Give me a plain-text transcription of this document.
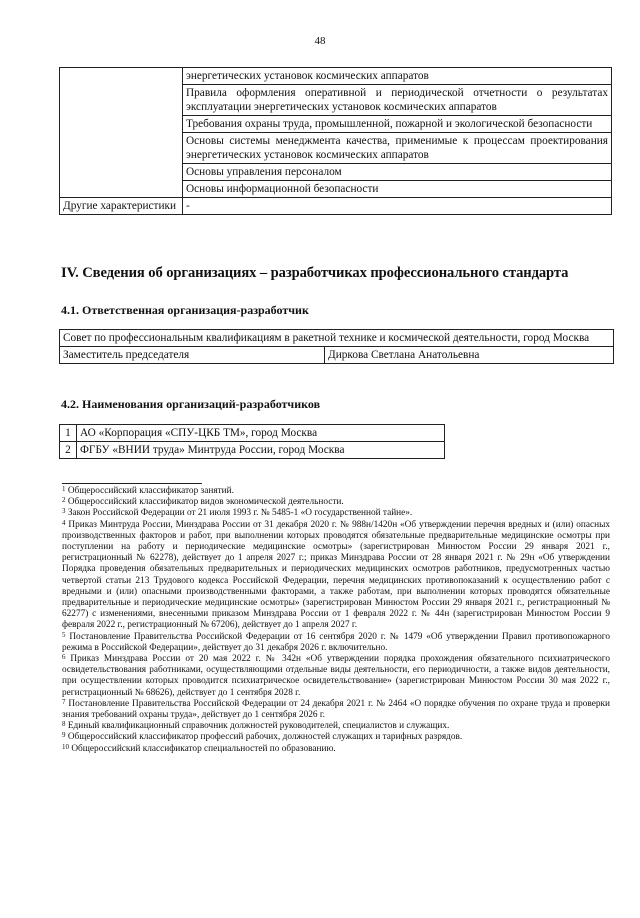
48
	энергетических установок космических аппаратов
	Правила оформления оперативной и периодической отчетности о результатах эксплуатации энергетических установок космических аппаратов
	Требования охраны труда, промышленной, пожарной и экологической безопасности
	Основы системы менеджмента качества, применимые к процессам проектирования энергетических установок космических аппаратов
	Основы управления персоналом
	Основы информационной безопасности
Другие характеристики	-
IV. Сведения об организациях – разработчиках профессионального стандарта
4.1. Ответственная организация-разработчик
Совет по профессиональным квалификациям в ракетной технике и космической деятельности, город Москва
Заместитель председателя	Диркова Светлана Анатольевна
4.2. Наименования организаций-разработчиков
1	АО «Корпорация «СПУ-ЦКБ ТМ», город Москва
2	ФГБУ «ВНИИ труда» Минтруда России, город Москва

$^1$ Общероссийский классификатор занятий.

$^2$ Общероссийский классификатор видов экономической деятельности.

$^3$ Закон Российской Федерации от 21 июля 1993 г. № 5485-1 «О государственной тайне».

$^4$ Приказ Минтруда России, Минздрава России от 31 декабря 2020 г. № 988н/1420н «Об утверждении перечня вредных и (или) опасных производственных факторов и работ, при выполнении которых проводятся обязательные предварительные медицинские осмотры при поступлении на работу и периодические медицинские осмотры» (зарегистрирован Минюстом России 29 января 2021 г., регистрационный № 62278), действует до 1 апреля 2027 г.; приказ Минздрава России от 28 января 2021 г. № 29н «Об утверждении Порядка проведения обязательных предварительных и периодических медицинских осмотров работников, предусмотренных частью четвертой статьи 213 Трудового кодекса Российской Федерации, перечня медицинских противопоказаний к осуществлению работ с вредными и (или) опасными производственными факторами, а также работам, при выполнении которых проводятся обязательные предварительные и периодические медицинские осмотры» (зарегистрирован Минюстом России 29 января 2021 г., регистрационный № 62277) с изменениями, внесенными приказом Минздрава России от 1 февраля 2022 г. № 44н (зарегистрирован Минюстом России 9 февраля 2022 г., регистрационный № 67206), действует до 1 апреля 2027 г.

$^5$ Постановление Правительства Российской Федерации от 16 сентября 2020 г. № 1479 «Об утверждении Правил противопожарного режима в Российской Федерации», действует до 31 декабря 2026 г. включительно.

$^6$ Приказ Минздрава России от 20 мая 2022 г. № 342н «Об утверждении порядка прохождения обязательного психиатрического освидетельствования работниками, осуществляющими отдельные виды деятельности, его периодичности, а также видов деятельности, при осуществлении которых проводится психиатрическое освидетельствование» (зарегистрирован Минюстом России 30 мая 2022 г., регистрационный № 68626), действует до 1 сентября 2028 г.

$^7$ Постановление Правительства Российской Федерации от 24 декабря 2021 г. № 2464 «О порядке обучения по охране труда и проверки знания требований охраны труда», действует до 1 сентября 2026 г.

$^8$ Единый квалификационный справочник должностей руководителей, специалистов и служащих.

$^9$ Общероссийский классификатор профессий рабочих, должностей служащих и тарифных разрядов.

$^{10}$ Общероссийский классификатор специальностей по образованию.
